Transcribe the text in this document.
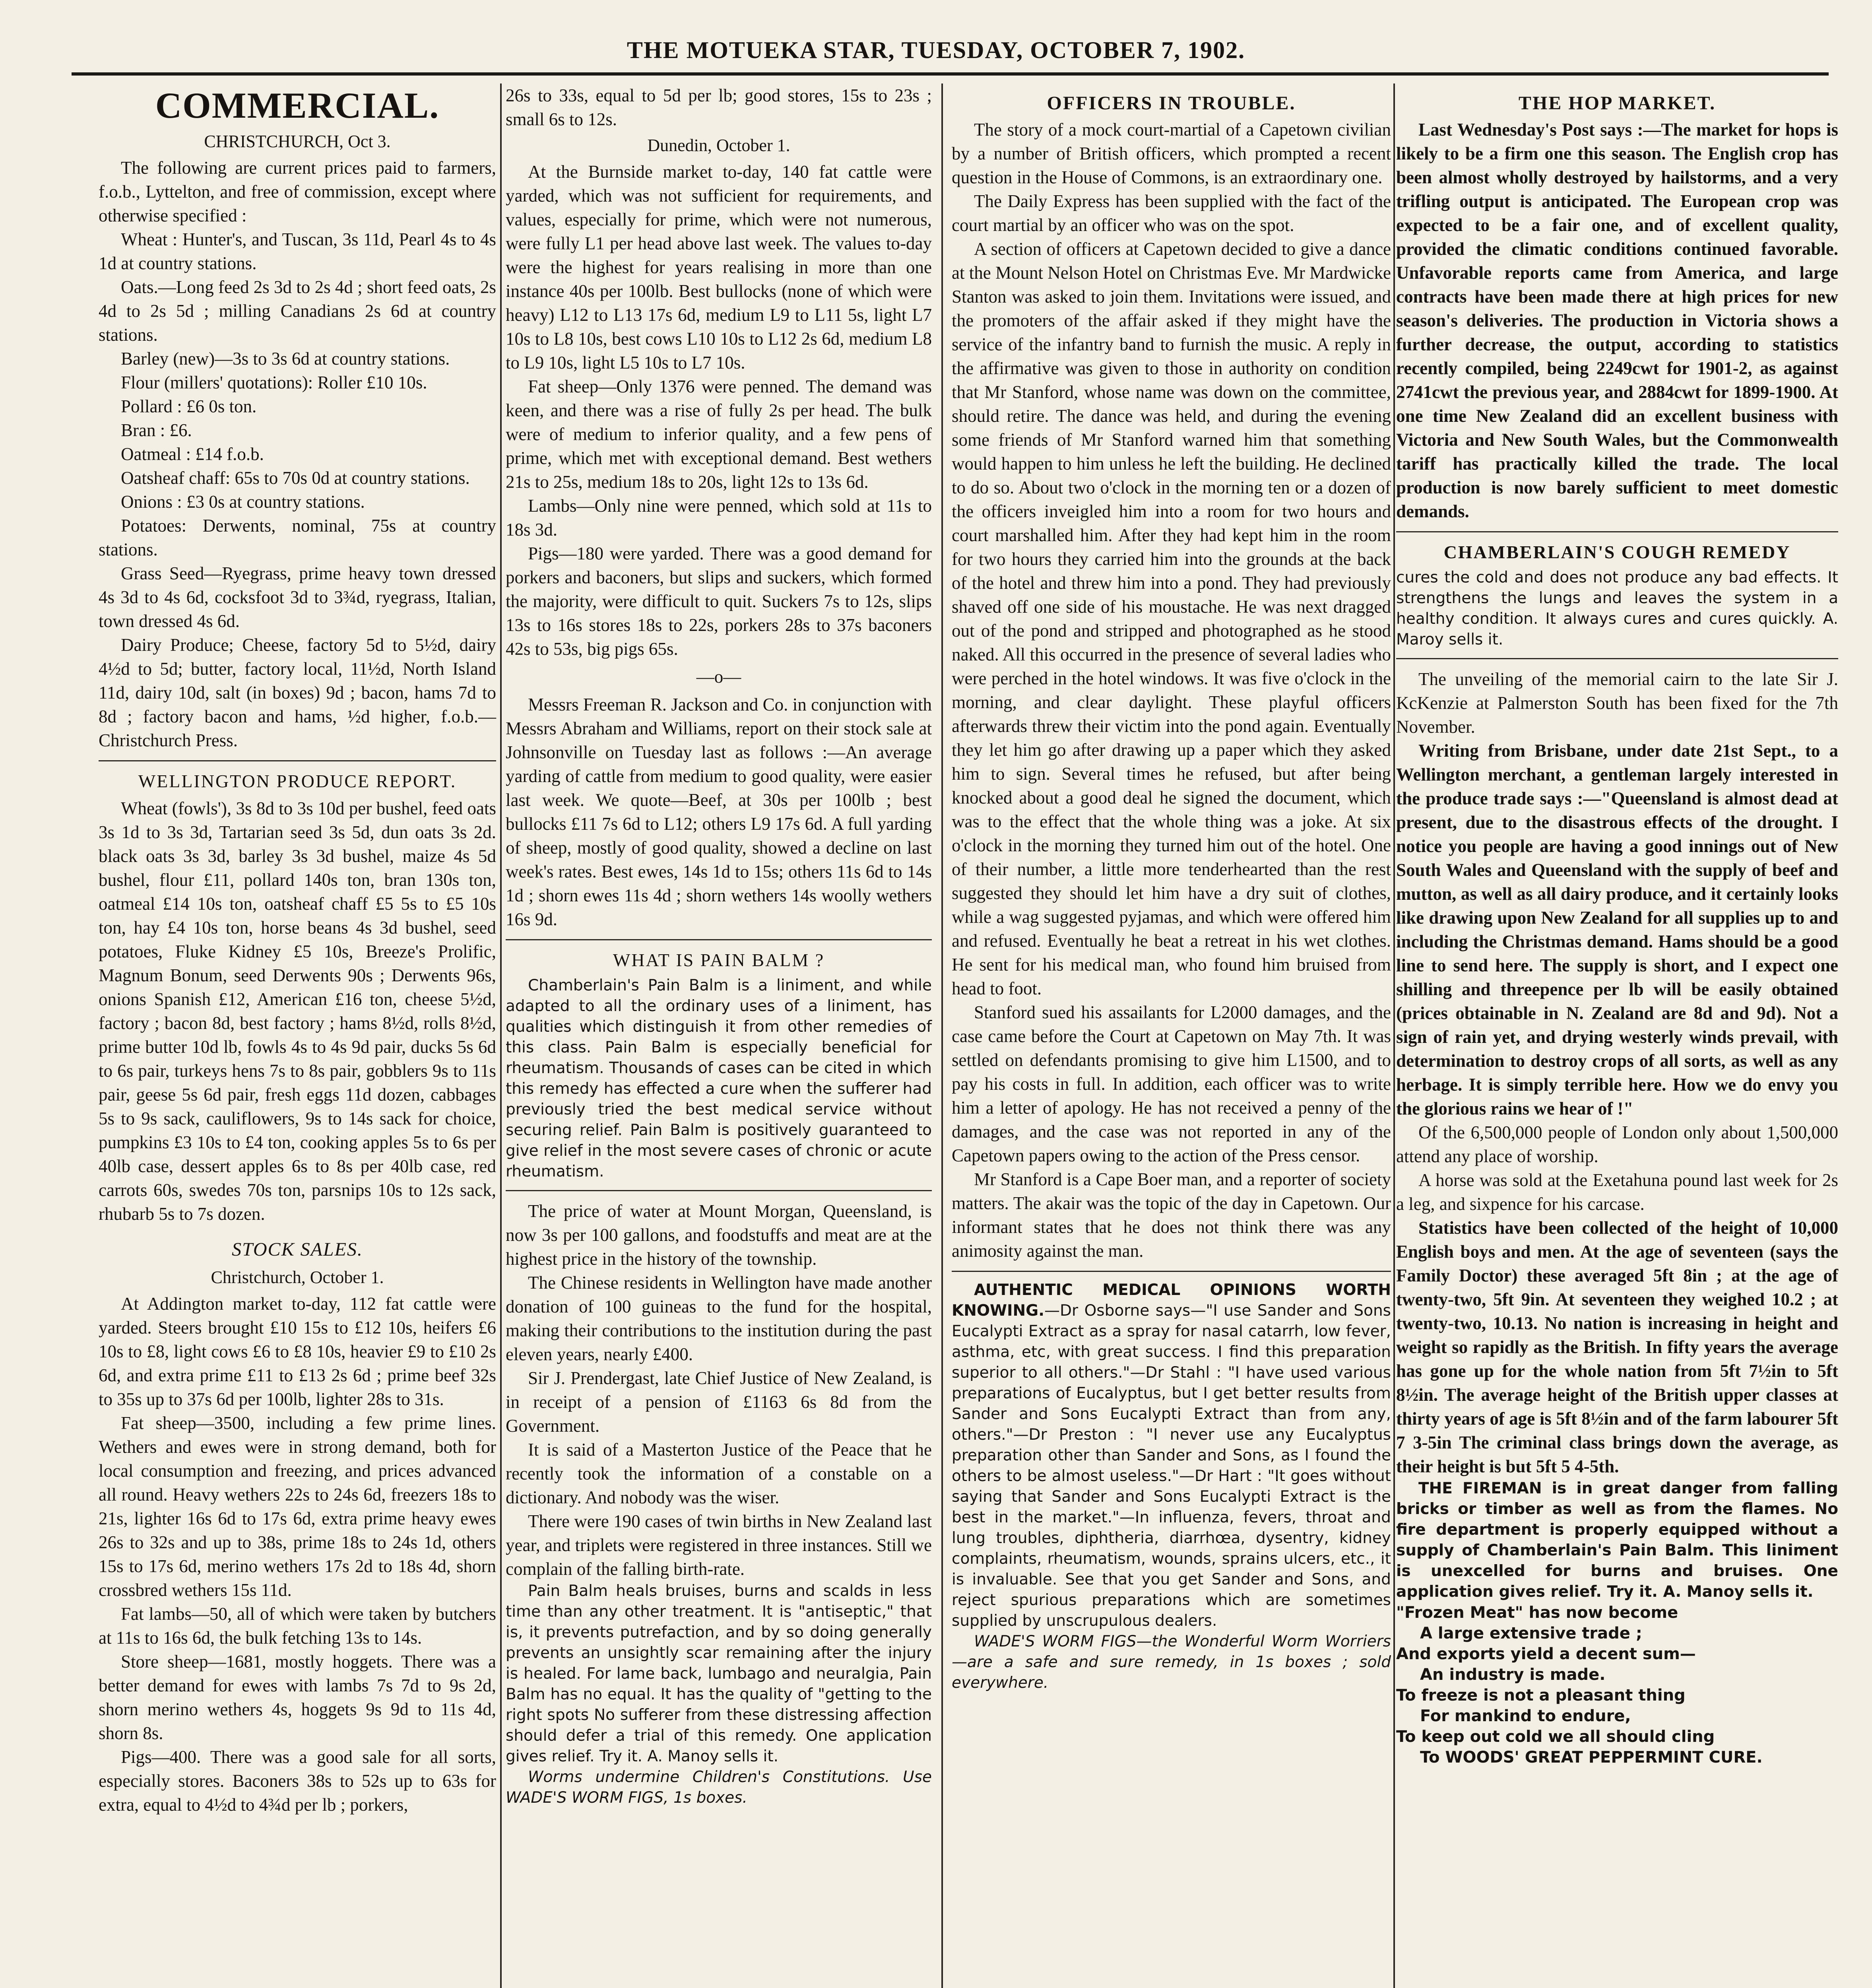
THE MOTUEKA STAR, TUESDAY, OCTOBER 7, 1902.
COMMERCIAL.
CHRISTCHURCH, Oct 3.

The following are current prices paid to farmers, f.o.b., Lyttelton, and free of commission, except where otherwise specified :

Wheat : Hunter's, and Tuscan, 3s 11d, Pearl 4s to 4s 1d at country stations.

Oats.—Long feed 2s 3d to 2s 4d ; short feed oats, 2s 4d to 2s 5d ; milling Canadians 2s 6d at country stations.

Barley (new)—3s to 3s 6d at country stations.

Flour (millers' quotations): Roller £10 10s.

Pollard : £6 0s ton.

Bran : £6.

Oatmeal : £14 f.o.b.

Oatsheaf chaff: 65s to 70s 0d at country stations.

Onions : £3 0s at country stations.

Potatoes: Derwents, nominal, 75s at country stations.

Grass Seed—Ryegrass, prime heavy town dressed 4s 3d to 4s 6d, cocksfoot 3d to 3¾d, ryegrass, Italian, town dressed 4s 6d.

Dairy Produce; Cheese, factory 5d to 5½d, dairy 4½d to 5d; butter, factory local, 11½d, North Island 11d, dairy 10d, salt (in boxes) 9d ; bacon, hams 7d to 8d ; factory bacon and hams, ½d higher, f.o.b.—Christchurch Press.

WELLINGTON PRODUCE REPORT.

Wheat (fowls'), 3s 8d to 3s 10d per bushel, feed oats 3s 1d to 3s 3d, Tartarian seed 3s 5d, dun oats 3s 2d. black oats 3s 3d, barley 3s 3d bushel, maize 4s 5d bushel, flour £11, pollard 140s ton, bran 130s ton, oatmeal £14 10s ton, oatsheaf chaff £5 5s to £5 10s ton, hay £4 10s ton, horse beans 4s 3d bushel, seed potatoes, Fluke Kidney £5 10s, Breeze's Prolific, Magnum Bonum, seed Derwents 90s ; Derwents 96s, onions Spanish £12, American £16 ton, cheese 5½d, factory ; bacon 8d, best factory ; hams 8½d, rolls 8½d, prime butter 10d lb, fowls 4s to 4s 9d pair, ducks 5s 6d to 6s pair, turkeys hens 7s to 8s pair, gobblers 9s to 11s pair, geese 5s 6d pair, fresh eggs 11d dozen, cabbages 5s to 9s sack, cauliflowers, 9s to 14s sack for choice, pumpkins £3 10s to £4 ton, cooking apples 5s to 6s per 40lb case, dessert apples 6s to 8s per 40lb case, red carrots 60s, swedes 70s ton, parsnips 10s to 12s sack, rhubarb 5s to 7s dozen.

STOCK SALES.
Christchurch, October 1.

At Addington market to-day, 112 fat cattle were yarded. Steers brought £10 15s to £12 10s, heifers £6 10s to £8, light cows £6 to £8 10s, heavier £9 to £10 2s 6d, and extra prime £11 to £13 2s 6d ; prime beef 32s to 35s up to 37s 6d per 100lb, lighter 28s to 31s.

Fat sheep—3500, including a few prime lines. Wethers and ewes were in strong demand, both for local consumption and freezing, and prices advanced all round. Heavy wethers 22s to 24s 6d, freezers 18s to 21s, lighter 16s 6d to 17s 6d, extra prime heavy ewes 26s to 32s and up to 38s, prime 18s to 24s 1d, others 15s to 17s 6d, merino wethers 17s 2d to 18s 4d, shorn crossbred wethers 15s 11d.

Fat lambs—50, all of which were taken by butchers at 11s to 16s 6d, the bulk fetching 13s to 14s.

Store sheep—1681, mostly hoggets. There was a better demand for ewes with lambs 7s 7d to 9s 2d, shorn merino wethers 4s, hoggets 9s 9d to 11s 4d, shorn 8s.

Pigs—400. There was a good sale for all sorts, especially stores. Baconers 38s to 52s up to 63s for extra, equal to 4½d to 4¾d per lb ; porkers,

26s to 33s, equal to 5d per lb; good stores, 15s to 23s ; small 6s to 12s.

Dunedin, October 1.

At the Burnside market to-day, 140 fat cattle were yarded, which was not sufficient for requirements, and values, especially for prime, which were not numerous, were fully L1 per head above last week. The values to-day were the highest for years realising in more than one instance 40s per 100lb. Best bullocks (none of which were heavy) L12 to L13 17s 6d, medium L9 to L11 5s, light L7 10s to L8 10s, best cows L10 10s to L12 2s 6d, medium L8 to L9 10s, light L5 10s to L7 10s.

Fat sheep—Only 1376 were penned. The demand was keen, and there was a rise of fully 2s per head. The bulk were of medium to inferior quality, and a few pens of prime, which met with exceptional demand. Best wethers 21s to 25s, medium 18s to 20s, light 12s to 13s 6d.

Lambs—Only nine were penned, which sold at 11s to 18s 3d.

Pigs—180 were yarded. There was a good demand for porkers and baconers, but slips and suckers, which formed the majority, were difficult to quit. Suckers 7s to 12s, slips 13s to 16s stores 18s to 22s, porkers 28s to 37s baconers 42s to 53s, big pigs 65s.

—o—

Messrs Freeman R. Jackson and Co. in conjunction with Messrs Abraham and Williams, report on their stock sale at Johnsonville on Tuesday last as follows :—An average yarding of cattle from medium to good quality, were easier last week. We quote—Beef, at 30s per 100lb ; best bullocks £11 7s 6d to L12; others L9 17s 6d. A full yarding of sheep, mostly of good quality, showed a decline on last week's rates. Best ewes, 14s 1d to 15s; others 11s 6d to 14s 1d ; shorn ewes 11s 4d ; shorn wethers 14s woolly wethers 16s 9d.

WHAT IS PAIN BALM ?

Chamberlain's Pain Balm is a liniment, and while adapted to all the ordinary uses of a liniment, has qualities which distinguish it from other remedies of this class. Pain Balm is especially beneficial for rheumatism. Thousands of cases can be cited in which this remedy has effected a cure when the sufferer had previously tried the best medical service without securing relief. Pain Balm is positively guaranteed to give relief in the most severe cases of chronic or acute rheumatism.

The price of water at Mount Morgan, Queensland, is now 3s per 100 gallons, and foodstuffs and meat are at the highest price in the history of the township.

The Chinese residents in Wellington have made another donation of 100 guineas to the fund for the hospital, making their contributions to the institution during the past eleven years, nearly £400.

Sir J. Prendergast, late Chief Justice of New Zealand, is in receipt of a pension of £1163 6s 8d from the Government.

It is said of a Masterton Justice of the Peace that he recently took the information of a constable on a dictionary. And nobody was the wiser.

There were 190 cases of twin births in New Zealand last year, and triplets were registered in three instances. Still we complain of the falling birth-rate.

Pain Balm heals bruises, burns and scalds in less time than any other treatment. It is "antiseptic," that is, it prevents putrefaction, and by so doing generally prevents an unsightly scar remaining after the injury is healed. For lame back, lumbago and neuralgia, Pain Balm has no equal. It has the quality of "getting to the right spots No sufferer from these distressing affection should defer a trial of this remedy. One application gives relief. Try it. A. Manoy sells it.

Worms undermine Children's Constitutions. Use WADE'S WORM FIGS, 1s boxes.

OFFICERS IN TROUBLE.

The story of a mock court-martial of a Capetown civilian by a number of British officers, which prompted a recent question in the House of Commons, is an extraordinary one.

The Daily Express has been supplied with the fact of the court martial by an officer who was on the spot.

A section of officers at Capetown decided to give a dance at the Mount Nelson Hotel on Christmas Eve. Mr Mardwicke Stanton was asked to join them. Invitations were issued, and the promoters of the affair asked if they might have the service of the infantry band to furnish the music. A reply in the affirmative was given to those in authority on condition that Mr Stanford, whose name was down on the committee, should retire. The dance was held, and during the evening some friends of Mr Stanford warned him that something would happen to him unless he left the building. He declined to do so. About two o'clock in the morning ten or a dozen of the officers inveigled him into a room for two hours and court marshalled him. After they had kept him in the room for two hours they carried him into the grounds at the back of the hotel and threw him into a pond. They had previously shaved off one side of his moustache. He was next dragged out of the pond and stripped and photographed as he stood naked. All this occurred in the presence of several ladies who were perched in the hotel windows. It was five o'clock in the morning, and clear daylight. These playful officers afterwards threw their victim into the pond again. Eventually they let him go after drawing up a paper which they asked him to sign. Several times he refused, but after being knocked about a good deal he signed the document, which was to the effect that the whole thing was a joke. At six o'clock in the morning they turned him out of the hotel. One of their number, a little more tenderhearted than the rest suggested they should let him have a dry suit of clothes, while a wag suggested pyjamas, and which were offered him and refused. Eventually he beat a retreat in his wet clothes. He sent for his medical man, who found him bruised from head to foot.

Stanford sued his assailants for L2000 damages, and the case came before the Court at Capetown on May 7th. It was settled on defendants promising to give him L1500, and to pay his costs in full. In addition, each officer was to write him a letter of apology. He has not received a penny of the damages, and the case was not reported in any of the Capetown papers owing to the action of the Press censor.

Mr Stanford is a Cape Boer man, and a reporter of society matters. The akair was the topic of the day in Capetown. Our informant states that he does not think there was any animosity against the man.

AUTHENTIC MEDICAL OPINIONS WORTH KNOWING.—Dr Osborne says—"I use Sander and Sons Eucalypti Extract as a spray for nasal catarrh, low fever, asthma, etc, with great success. I find this preparation superior to all others."—Dr Stahl : "I have used various preparations of Eucalyptus, but I get better results from Sander and Sons Eucalypti Extract than from any, others."—Dr Preston : "I never use any Eucalyptus preparation other than Sander and Sons, as I found the others to be almost useless."—Dr Hart : "It goes without saying that Sander and Sons Eucalypti Extract is the best in the market."—In influenza, fevers, throat and lung troubles, diphtheria, diarrhœa, dysentry, kidney complaints, rheumatism, wounds, sprains ulcers, etc., it is invaluable. See that you get Sander and Sons, and reject spurious preparations which are sometimes supplied by unscrupulous dealers.

WADE'S WORM FIGS—the Wonderful Worm Worriers—are a safe and sure remedy, in 1s boxes ; sold everywhere.

THE HOP MARKET.

Last Wednesday's Post says :—The market for hops is likely to be a firm one this season. The English crop has been almost wholly destroyed by hailstorms, and a very trifling output is anticipated. The European crop was expected to be a fair one, and of excellent quality, provided the climatic conditions continued favorable. Unfavorable reports came from America, and large contracts have been made there at high prices for new season's deliveries. The production in Victoria shows a further decrease, the output, according to statistics recently compiled, being 2249cwt for 1901-2, as against 2741cwt the previous year, and 2884cwt for 1899-1900. At one time New Zealand did an excellent business with Victoria and New South Wales, but the Commonwealth tariff has practically killed the trade. The local production is now barely sufficient to meet domestic demands.

CHAMBERLAIN'S COUGH REMEDY

cures the cold and does not produce any bad effects. It strengthens the lungs and leaves the system in a healthy condition. It always cures and cures quickly. A. Maroy sells it.

The unveiling of the memorial cairn to the late Sir J. KcKenzie at Palmerston South has been fixed for the 7th November.

Writing from Brisbane, under date 21st Sept., to a Wellington merchant, a gentleman largely interested in the produce trade says :—"Queensland is almost dead at present, due to the disastrous effects of the drought. I notice you people are having a good innings out of New South Wales and Queensland with the supply of beef and mutton, as well as all dairy produce, and it certainly looks like drawing upon New Zealand for all supplies up to and including the Christmas demand. Hams should be a good line to send here. The supply is short, and I expect one shilling and threepence per lb will be easily obtained (prices obtainable in N. Zealand are 8d and 9d). Not a sign of rain yet, and drying westerly winds prevail, with determination to destroy crops of all sorts, as well as any herbage. It is simply terrible here. How we do envy you the glorious rains we hear of !"

Of the 6,500,000 people of London only about 1,500,000 attend any place of worship.

A horse was sold at the Exetahuna pound last week for 2s a leg, and sixpence for his carcase.

Statistics have been collected of the height of 10,000 English boys and men. At the age of seventeen (says the Family Doctor) these averaged 5ft 8in ; at the age of twenty-two, 5ft 9in. At seventeen they weighed 10.2 ; at twenty-two, 10.13. No nation is increasing in height and weight so rapidly as the British. In fifty years the average has gone up for the whole nation from 5ft 7½in to 5ft 8½in. The average height of the British upper classes at thirty years of age is 5ft 8½in and of the farm labourer 5ft 7 3-5in The criminal class brings down the average, as their height is but 5ft 5 4-5th.

THE FIREMAN is in great danger from falling bricks or timber as well as from the flames. No fire department is properly equipped without a supply of Chamberlain's Pain Balm. This liniment is unexcelled for burns and bruises. One application gives relief. Try it. A. Manoy sells it.

"Frozen Meat" has now become
A large extensive trade ;
And exports yield a decent sum—
An industry is made.
To freeze is not a pleasant thing
For mankind to endure,
To keep out cold we all should cling
To WOODS' GREAT PEPPERMINT CURE.
